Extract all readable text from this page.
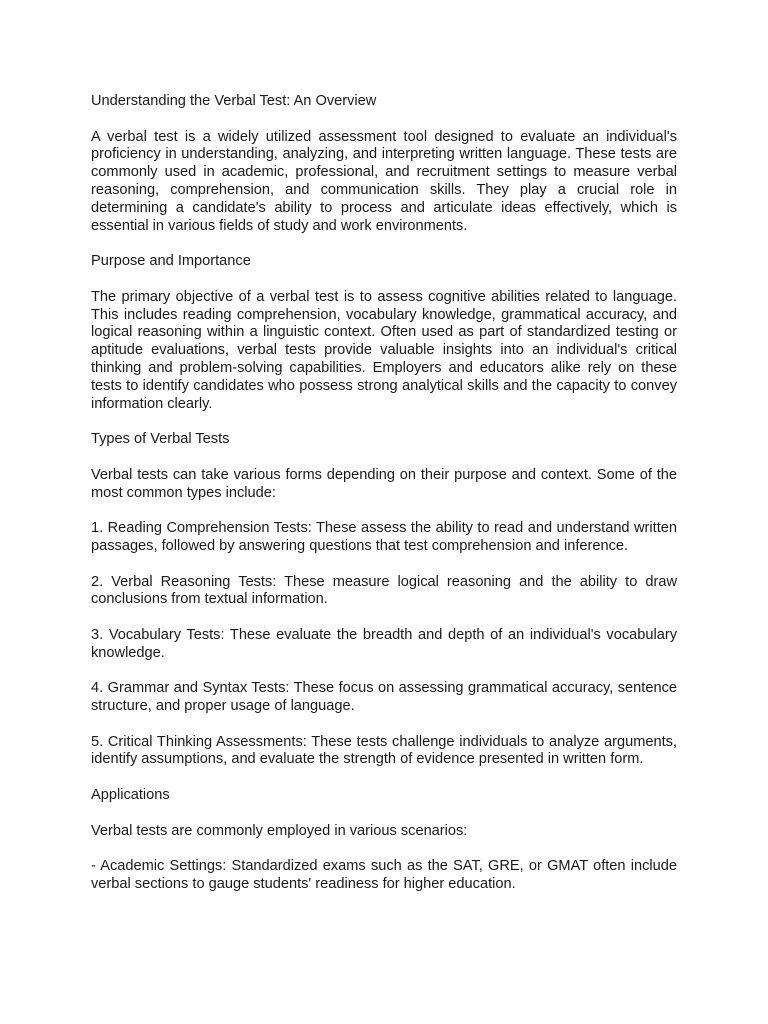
Understanding the Verbal Test: An Overview

A verbal test is a widely utilized assessment tool designed to evaluate an individual's proficiency in understanding, analyzing, and interpreting written language. These tests are commonly used in academic, professional, and recruitment settings to measure verbal reasoning, comprehension, and communication skills. They play a crucial role in determining a candidate's ability to process and articulate ideas effectively, which is essential in various fields of study and work environments.

Purpose and Importance

The primary objective of a verbal test is to assess cognitive abilities related to language. This includes reading comprehension, vocabulary knowledge, grammatical accuracy, and logical reasoning within a linguistic context. Often used as part of standardized testing or aptitude evaluations, verbal tests provide valuable insights into an individual's critical thinking and problem-solving capabilities. Employers and educators alike rely on these tests to identify candidates who possess strong analytical skills and the capacity to convey information clearly.

Types of Verbal Tests

Verbal tests can take various forms depending on their purpose and context. Some of the most common types include:

1. Reading Comprehension Tests: These assess the ability to read and understand written passages, followed by answering questions that test comprehension and inference.

2. Verbal Reasoning Tests: These measure logical reasoning and the ability to draw conclusions from textual information.

3. Vocabulary Tests: These evaluate the breadth and depth of an individual's vocabulary knowledge.

4. Grammar and Syntax Tests: These focus on assessing grammatical accuracy, sentence structure, and proper usage of language.

5. Critical Thinking Assessments: These tests challenge individuals to analyze arguments, identify assumptions, and evaluate the strength of evidence presented in written form.

Applications

Verbal tests are commonly employed in various scenarios:

- Academic Settings: Standardized exams such as the SAT, GRE, or GMAT often include verbal sections to gauge students' readiness for higher education.
